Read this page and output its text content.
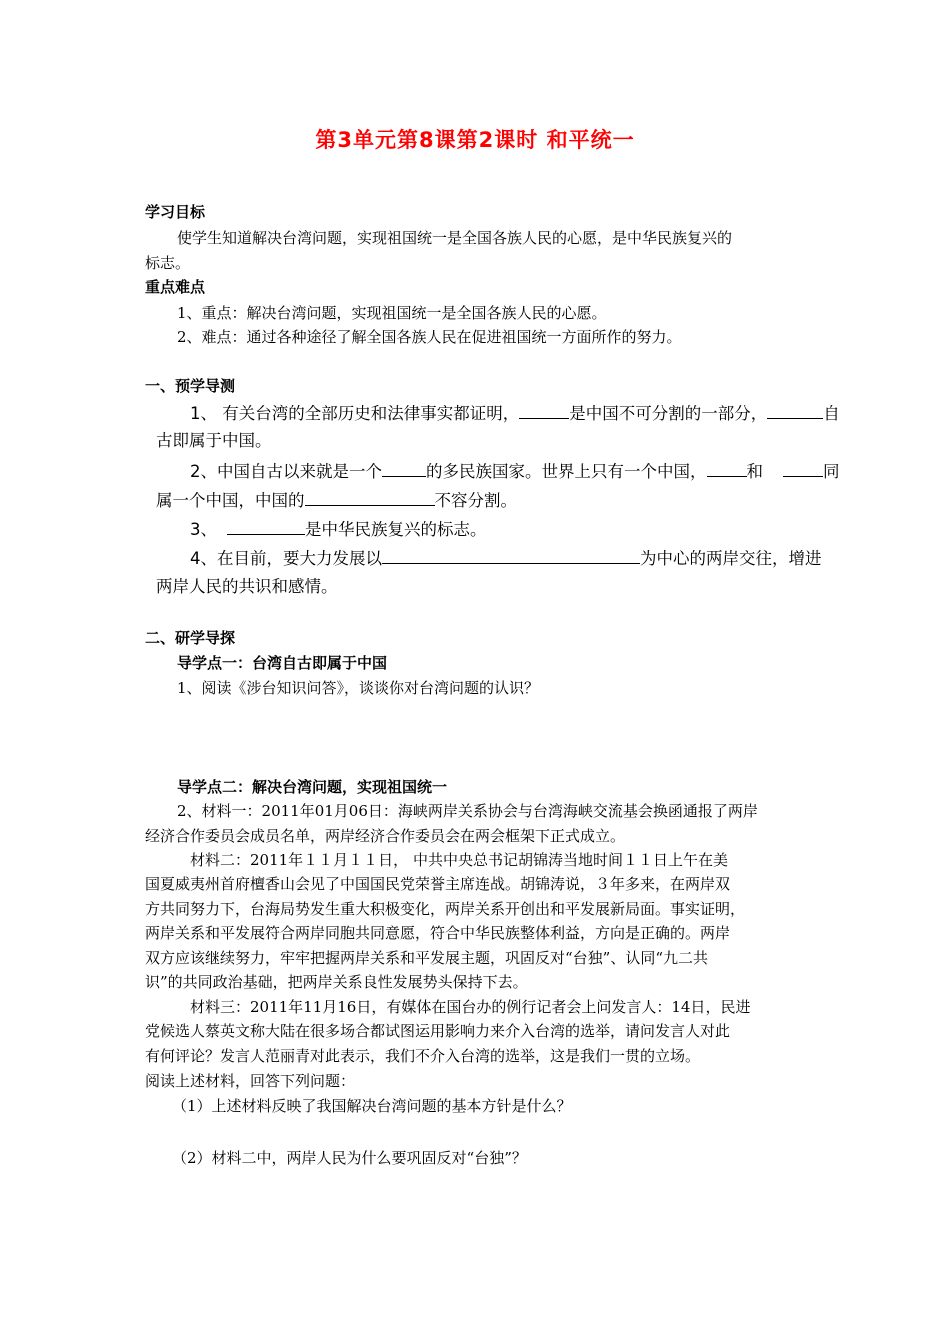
第3单元第8课第2课时 和平统一
学习目标
使学生知道解决台湾问题，实现祖国统一是全国各族人民的心愿，是中华民族复兴的
标志。
重点难点
1、重点：解决台湾问题，实现祖国统一是全国各族人民的心愿。
2、难点：通过各种途径了解全国各族人民在促进祖国统一方面所作的努力。
一、预学导测
1、 有关台湾的全部历史和法律事实都证明，	是中国不可分割的一部分，	自
古即属于中国。
2、中国自古以来就是一个	的多民族国家。世界上只有一个中国， 和	同
属一个中国，中国的	不容分割。
3、	是中华民族复兴的标志。
4、在目前，要大力发展以	为中心的两岸交往，增进
两岸人民的共识和感情。
二、研学导探
导学点一：台湾自古即属于中国
1、阅读《涉台知识问答》，谈谈你对台湾问题的认识？
导学点二：解决台湾问题，实现祖国统一
2、材料一：2011年01月06日：海峡两岸关系协会与台湾海峡交流基会换函通报了两岸
经济合作委员会成员名单，两岸经济合作委员会在两会框架下正式成立。
材料二：2011年１１月１１日， 中共中央总书记胡锦涛当地时间１１日上午在美
国夏威夷州首府檀香山会见了中国国民党荣誉主席连战。胡锦涛说，３年多来，在两岸双
方共同努力下，台海局势发生重大积极变化，两岸关系开创出和平发展新局面。事实证明，
两岸关系和平发展符合两岸同胞共同意愿，符合中华民族整体利益，方向是正确的。两岸
双方应该继续努力，牢牢把握两岸关系和平发展主题，巩固反对“台独”、认同“九二共
识”的共同政治基础，把两岸关系良性发展势头保持下去。
材料三：2011年11月16日，有媒体在国台办的例行记者会上问发言人：14日，民进
党候选人蔡英文称大陆在很多场合都试图运用影响力来介入台湾的选举，请问发言人对此
有何评论？发言人范丽青对此表示，我们不介入台湾的选举，这是我们一贯的立场。
阅读上述材料，回答下列问题：
（1）上述材料反映了我国解决台湾问题的基本方针是什么？
（2）材料二中，两岸人民为什么要巩固反对“台独”？
